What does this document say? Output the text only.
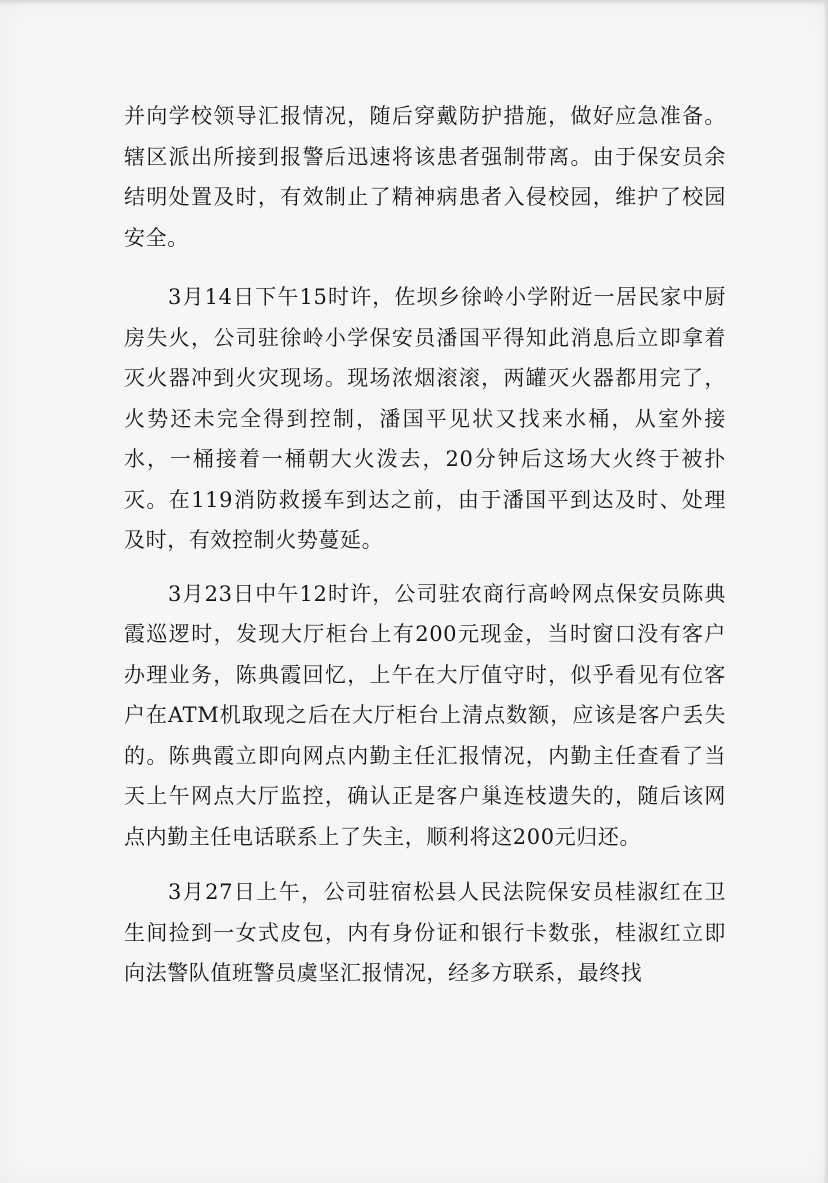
并向学校领导汇报情况，随后穿戴防护措施，做好应急准备。辖区派出所接到报警后迅速将该患者强制带离。由于保安员余结明处置及时，有效制止了精神病患者入侵校园，维护了校园安全。

3月14日下午15时许，佐坝乡徐岭小学附近一居民家中厨房失火，公司驻徐岭小学保安员潘国平得知此消息后立即拿着灭火器冲到火灾现场。现场浓烟滚滚，两罐灭火器都用完了，火势还未完全得到控制，潘国平见状又找来水桶，从室外接水，一桶接着一桶朝大火泼去，20分钟后这场大火终于被扑灭。在119消防救援车到达之前，由于潘国平到达及时、处理及时，有效控制火势蔓延。

3月23日中午12时许，公司驻农商行高岭网点保安员陈典霞巡逻时，发现大厅柜台上有200元现金，当时窗口没有客户办理业务，陈典霞回忆，上午在大厅值守时，似乎看见有位客户在ATM机取现之后在大厅柜台上清点数额，应该是客户丢失的。陈典霞立即向网点内勤主任汇报情况，内勤主任查看了当天上午网点大厅监控，确认正是客户巢连枝遗失的，随后该网点内勤主任电话联系上了失主，顺利将这200元归还。

3月27日上午，公司驻宿松县人民法院保安员桂淑红在卫生间捡到一女式皮包，内有身份证和银行卡数张，桂淑红立即向法警队值班警员虞坚汇报情况，经多方联系，最终找
